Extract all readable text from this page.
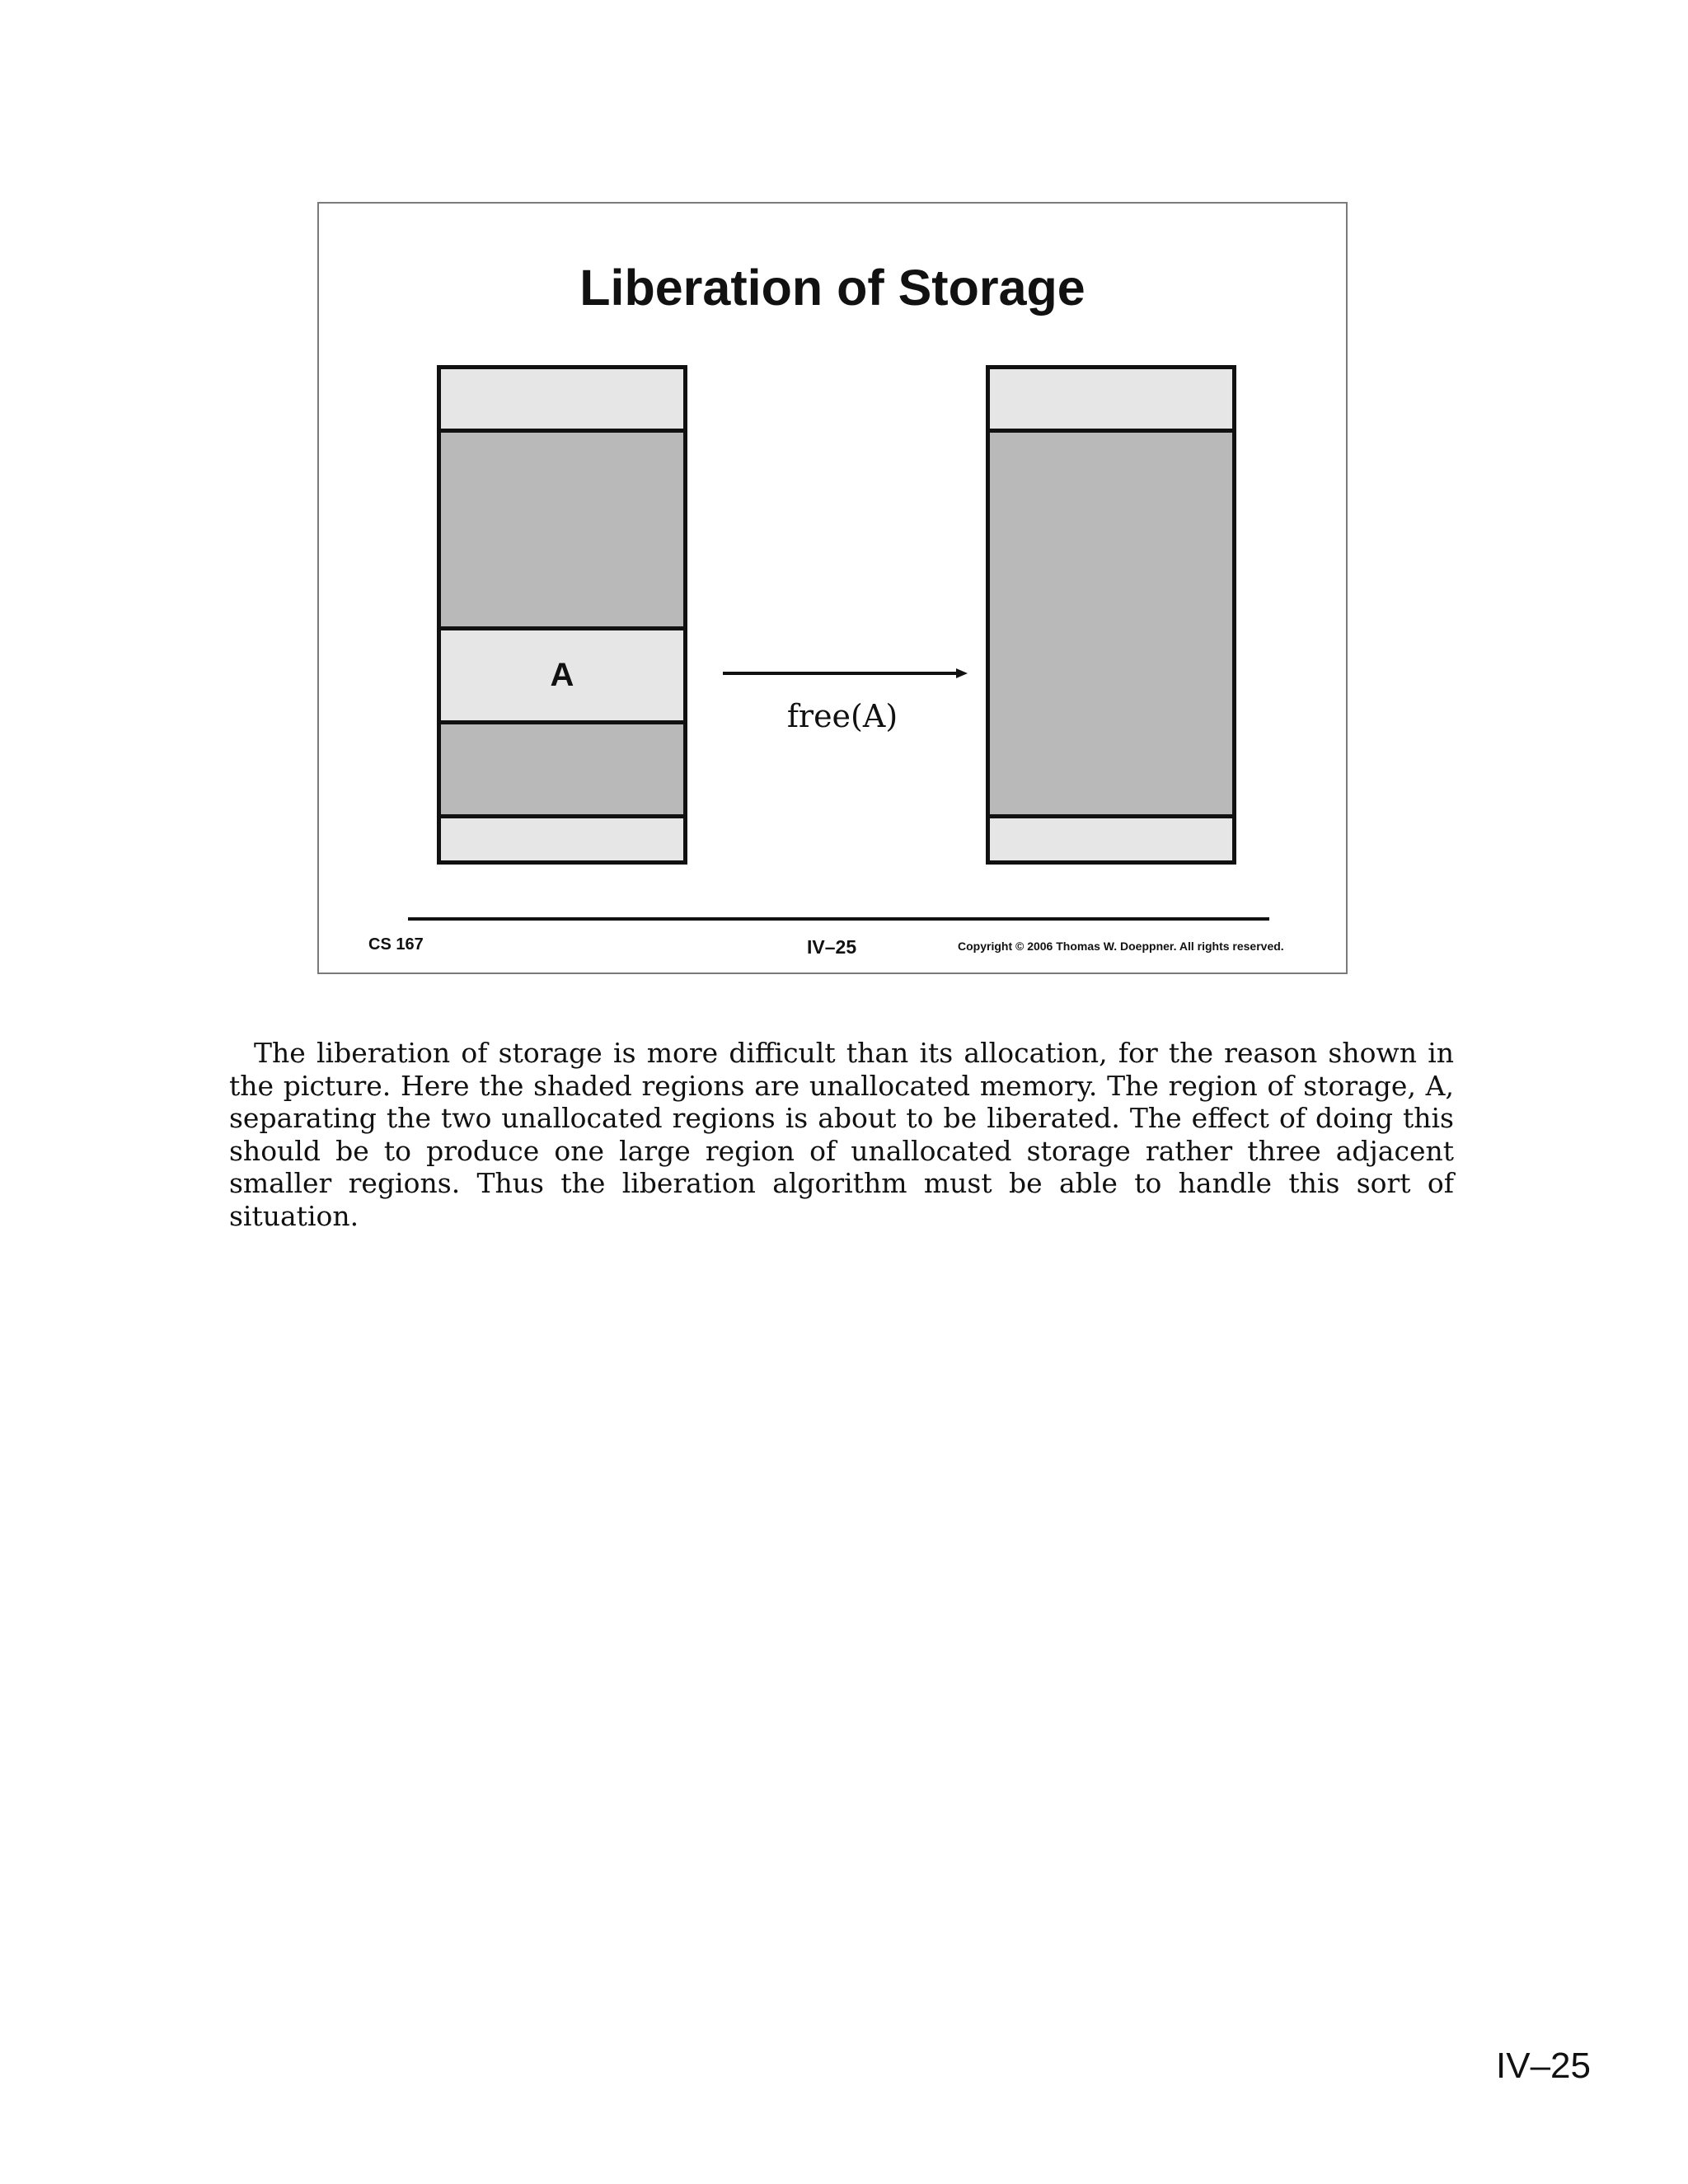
Liberation of Storage
A
free(A)
CS 167	IV–25	Copyright © 2006 Thomas W. Doeppner. All rights reserved.

The liberation of storage is more difficult than its allocation, for the reason shown in the picture. Here the shaded regions are unallocated memory. The region of storage, A, separating the two unallocated regions is about to be liberated. The effect of doing this should be to produce one large region of unallocated storage rather three adjacent smaller regions. Thus the liberation algorithm must be able to handle this sort of situation.

IV–25
